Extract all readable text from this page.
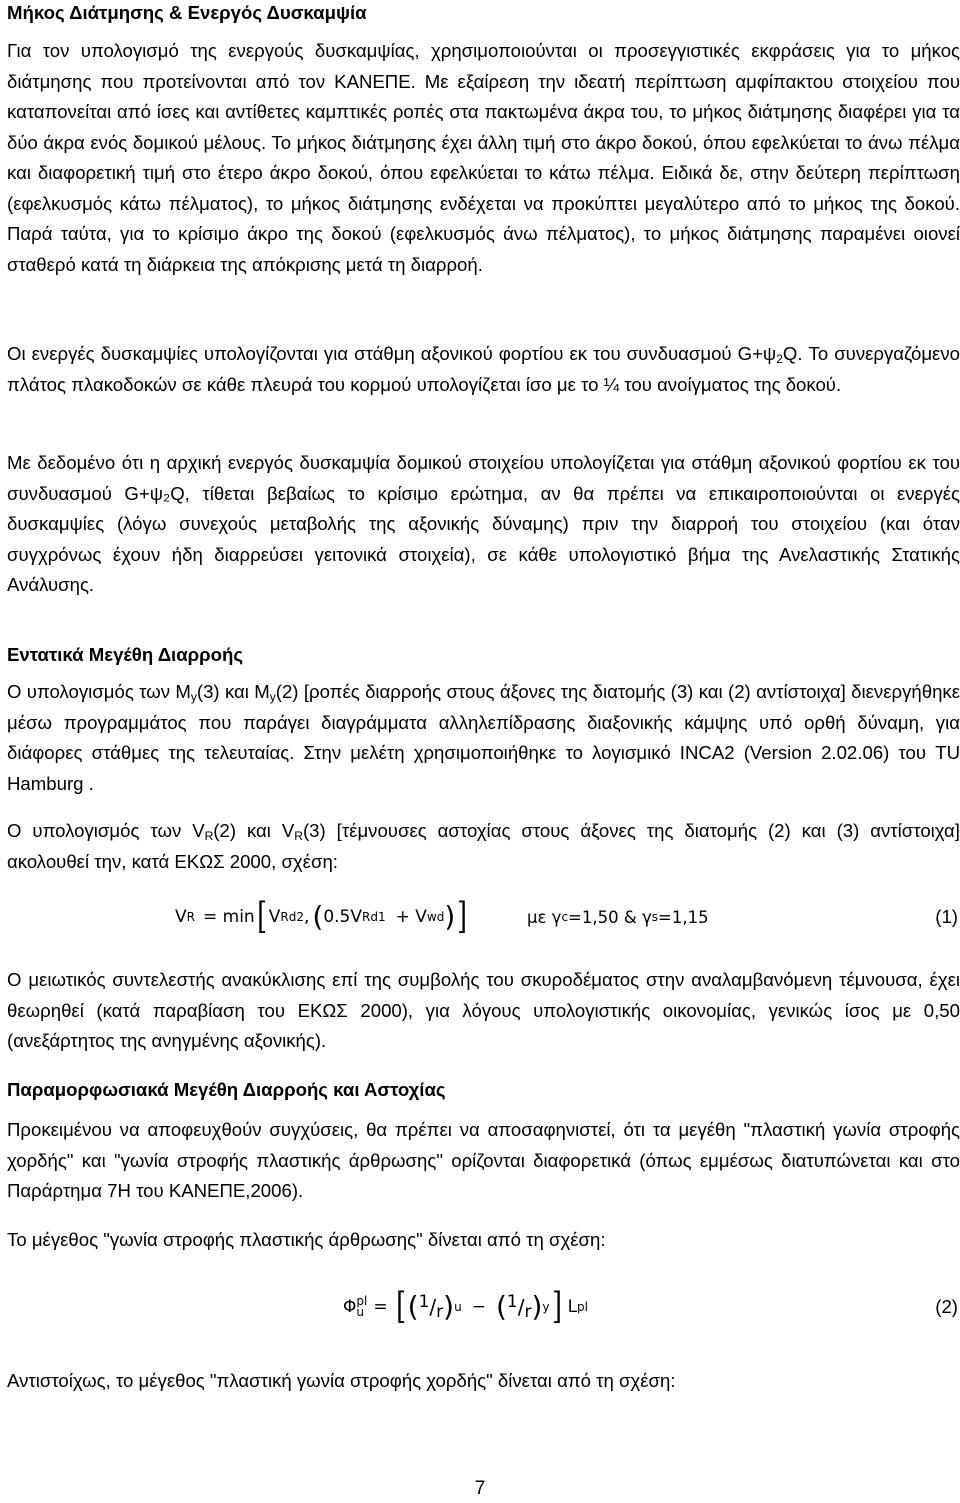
Μήκος Διάτμησης & Ενεργός Δυσκαμψία

Για τον υπολογισμό της ενεργούς δυσκαμψίας, χρησιμοποιούνται οι προσεγγιστικές εκφράσεις για το μήκος διάτμησης που προτείνονται από τον ΚΑΝΕΠΕ. Με εξαίρεση την ιδεατή περίπτωση αμφίπακτου στοιχείου που καταπονείται από ίσες και αντίθετες καμπτικές ροπές στα πακτωμένα άκρα του, το μήκος διάτμησης διαφέρει για τα δύο άκρα ενός δομικού μέλους. Το μήκος διάτμησης έχει άλλη τιμή στο άκρο δοκού, όπου εφελκύεται το άνω πέλμα και διαφορετική τιμή στο έτερο άκρο δοκού, όπου εφελκύεται το κάτω πέλμα. Ειδικά δε, στην δεύτερη περίπτωση (εφελκυσμός κάτω πέλματος), το μήκος διάτμησης ενδέχεται να προκύπτει μεγαλύτερο από το μήκος της δοκού. Παρά ταύτα, για το κρίσιμο άκρο της δοκού (εφελκυσμός άνω πέλματος), το μήκος διάτμησης παραμένει οιονεί σταθερό κατά τη διάρκεια της απόκρισης μετά τη διαρροή.

Οι ενεργές δυσκαμψίες υπολογίζονται για στάθμη αξονικού φορτίου εκ του συνδυασμού $G+\psi_2Q$. Το συνεργαζόμενο πλάτος πλακοδοκών σε κάθε πλευρά του κορμού υπολογίζεται ίσο με το ¼ του ανοίγματος της δοκού.

Με δεδομένο ότι η αρχική ενεργός δυσκαμψία δομικού στοιχείου υπολογίζεται για στάθμη αξονικού φορτίου εκ του συνδυασμού G+ψ₂Q, τίθεται βεβαίως το κρίσιμο ερώτημα, αν θα πρέπει να επικαιροποιούνται οι ενεργές δυσκαμψίες (λόγω συνεχούς μεταβολής της αξονικής δύναμης) πριν την διαρροή του στοιχείου (και όταν συγχρόνως έχουν ήδη διαρρεύσει γειτονικά στοιχεία), σε κάθε υπολογιστικό βήμα της Ανελαστικής Στατικής Ανάλυσης.

Εντατικά Μεγέθη Διαρροής

Ο υπολογισμός των $M_y(3)$ και $M_y(2)$ [ροπές διαρροής στους άξονες της διατομής (3) και (2) αντίστοιχα] διενεργήθηκε μέσω προγραμμάτος που παράγει διαγράμματα αλληλεπίδρασης διαξονικής κάμψης υπό ορθή δύναμη, για διάφορες στάθμες της τελευταίας. Στην μελέτη χρησιμοποιήθηκε το λογισμικό INCA2 (Version 2.02.06) του TU Hamburg .

Ο υπολογισμός των $V_R(2)$ και $V_R(3)$ [τέμνουσες αστοχίας στους άξονες της διατομής (2) και (3) αντίστοιχα] ακολουθεί την, κατά ΕΚΩΣ 2000, σχέση:

V R = min [ V Rd2 , ( 0.5V Rd1 + V wd ) ]	με γ c =1,50 & γ s =1,15	(1)

Ο μειωτικός συντελεστής ανακύκλισης επί της συμβολής του σκυροδέματος στην αναλαμβανόμενη τέμνουσα, έχει θεωρηθεί (κατά παραβίαση του ΕΚΩΣ 2000), για λόγους υπολογιστικής οικονομίας, γενικώς ίσος με 0,50 (ανεξάρτητος της ανηγμένης αξονικής).

Παραμορφωσιακά Μεγέθη Διαρροής και Αστοχίας

Προκειμένου να αποφευχθούν συγχύσεις, θα πρέπει να αποσαφηνιστεί, ότι τα μεγέθη "πλαστική γωνία στροφής χορδής" και "γωνία στροφής πλαστικής άρθρωσης" ορίζονται διαφορετικά (όπως εμμέσως διατυπώνεται και στο Παράρτημα 7Η του ΚΑΝΕΠΕ,2006).

Το μέγεθος "γωνία στροφής πλαστικής άρθρωσης" δίνεται από τη σχέση:

Φ pl
u = [ ( 1 / r ) u − ( 1 / r ) y ] L pl	(2)

Αντιστοίχως, το μέγεθος "πλαστική γωνία στροφής χορδής" δίνεται από τη σχέση:

7
